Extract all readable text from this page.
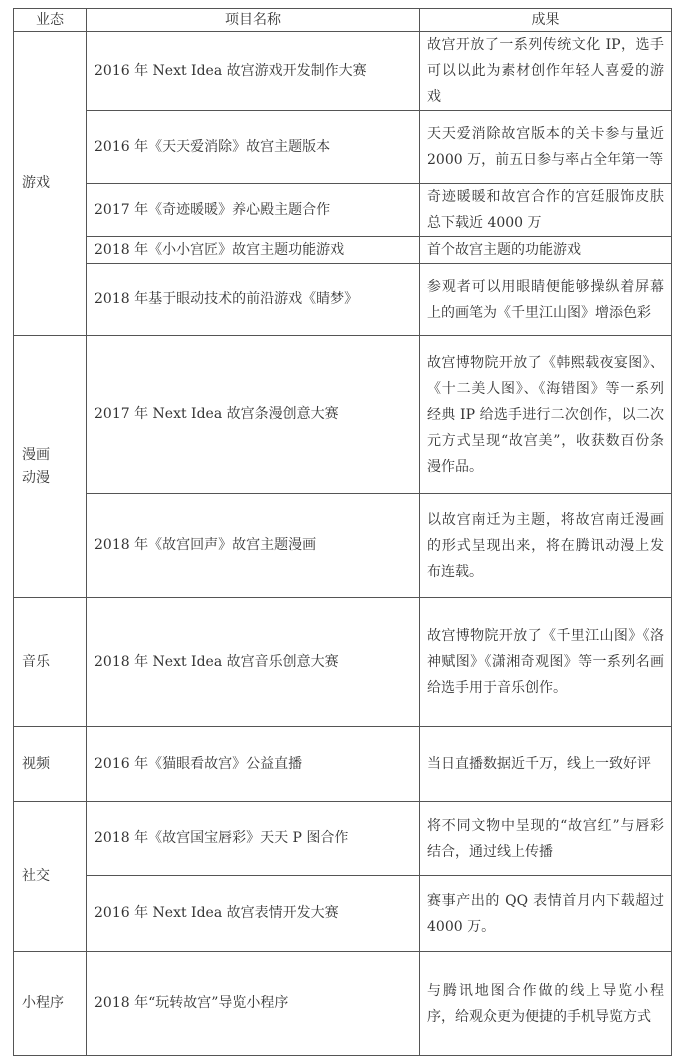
业态	项目名称	成果
游戏	2016 年 Next Idea 故宫游戏开发制作大赛	故宫开放了一系列传统文化 IP，选手可以以此为素材创作年轻人喜爱的游戏
	2016 年《天天爱消除》故宫主题版本	天天爱消除故宫版本的关卡参与量近 2000 万，前五日参与率占全年第一等
	2017 年《奇迹暖暖》养心殿主题合作	奇迹暖暖和故宫合作的宫廷服饰皮肤总下载近 4000 万
	2018 年《小小宫匠》故宫主题功能游戏	首个故宫主题的功能游戏
	2018 年基于眼动技术的前沿游戏《睛梦》	参观者可以用眼睛便能够操纵着屏幕上的画笔为《千里江山图》增添色彩
漫画动漫	2017 年 Next Idea 故宫条漫创意大赛	故宫博物院开放了《韩熙载夜宴图》、《十二美人图》、《海错图》等一系列经典 IP 给选手进行二次创作，以二次元方式呈现“故宫美”，收获数百份条漫作品。
	2018 年《故宫回声》故宫主题漫画	以故宫南迁为主题，将故宫南迁漫画的形式呈现出来，将在腾讯动漫上发布连载。
音乐	2018 年 Next Idea 故宫音乐创意大赛	故宫博物院开放了《千里江山图》《洛神赋图》《潇湘奇观图》等一系列名画给选手用于音乐创作。
视频	2016 年《猫眼看故宫》公益直播	当日直播数据近千万，线上一致好评
社交	2018 年《故宫国宝唇彩》天天 P 图合作	将不同文物中呈现的“故宫红”与唇彩结合，通过线上传播
	2016 年 Next Idea 故宫表情开发大赛	赛事产出的 QQ 表情首月内下载超过 4000 万。
小程序	2018 年“玩转故宫”导览小程序	与腾讯地图合作做的线上导览小程序，给观众更为便捷的手机导览方式
